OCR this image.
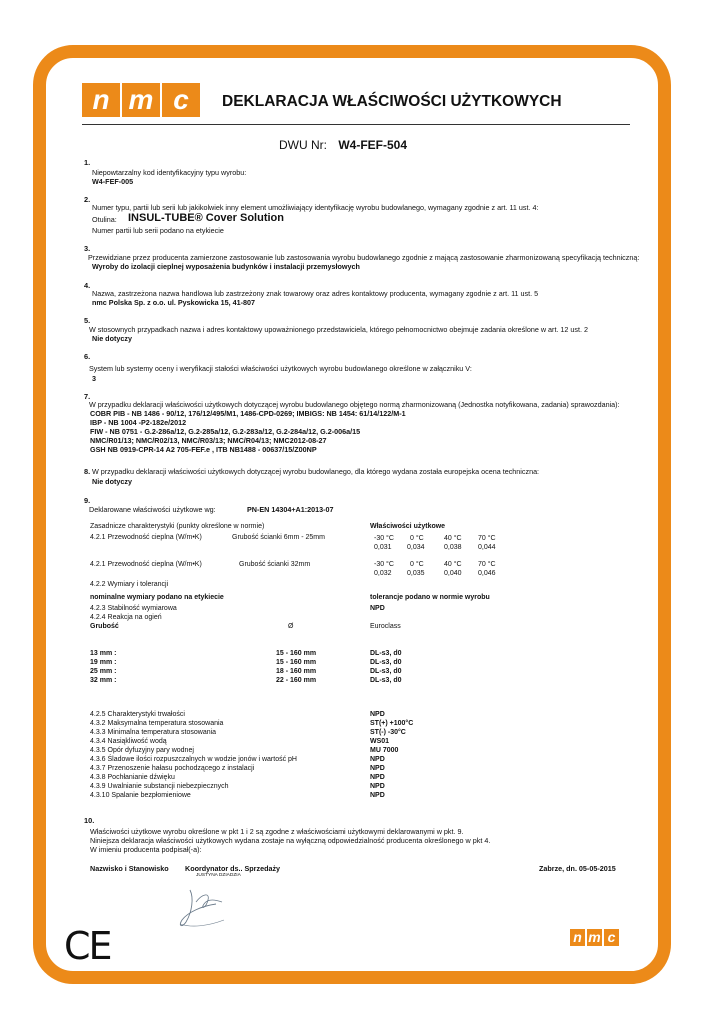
n m c	DEKLARACJA WŁAŚCIWOŚCI UŻYTKOWYCH
DWU Nr: W4-FEF-504
1.
Niepowtarzalny kod identyfikacyjny typu wyrobu:
W4-FEF-005
2.
Numer typu, partii lub serii lub jakikolwiek inny element umożliwiający identyfikację wyrobu budowlanego, wymagany zgodnie z art. 11 ust. 4:
Otulina: INSUL-TUBE® Cover Solution
Numer partii lub serii podano na etykiecie
3.
Przewidziane przez producenta zamierzone zastosowanie lub zastosowania wyrobu budowlanego zgodnie z mającą zastosowanie zharmonizowaną specyfikacją techniczną:
Wyroby do izolacji cieplnej wyposażenia budynków i instalacji przemysłowych
4.
Nazwa, zastrzeżona nazwa handlowa lub zastrzeżony znak towarowy oraz adres kontaktowy producenta, wymagany zgodnie z art. 11 ust. 5
nmc Polska Sp. z o.o. ul. Pyskowicka 15, 41-807
5.
W stosownych przypadkach nazwa i adres kontaktowy upoważnionego przedstawiciela, którego pełnomocnictwo obejmuje zadania określone w art. 12 ust. 2
Nie dotyczy
6.
System lub systemy oceny i weryfikacji stałości właściwości użytkowych wyrobu budowlanego określone w załączniku V:
3
7.
W przypadku deklaracji właściwości użytkowych dotyczącej wyrobu budowlanego objętego normą zharmonizowaną (Jednostka notyfikowana, zadania) sprawozdania):
COBR PIB - NB 1486 - 90/12, 176/12/495/M1, 1486-CPD-0269; IMBIGS: NB 1454: 61/14/122/M-1
IBP - NB 1004 -P2-182e/2012
FIW - NB 0751 - G.2-286a/12, G.2-285a/12, G.2-283a/12, G.2-284a/12, G.2-006a/15
NMC/R01/13; NMC/R02/13, NMC/R03/13; NMC/R04/13; NMC2012-08-27
GSH NB 0919-CPR-14 A2 705-FEF.e , ITB NB1488 - 00637/15/Z00NP
8. W przypadku deklaracji właściwości użytkowych dotyczącej wyrobu budowlanego, dla którego wydana została europejska ocena techniczna:
Nie dotyczy
9.
Deklarowane właściwości użytkowe wg:	PN-EN 14304+A1:2013-07
Zasadnicze charakterystyki (punkty określone w normie)	Właściwości użytkowe
4.2.1 Przewodność cieplna (W/m•K)	Grubość ścianki 6mm - 25mm	-30 °C 0 °C	40 °C 70 °C
0,031 0,034	0,038 0,044
4.2.1 Przewodność cieplna (W/m•K)	Grubość ścianki 32mm	-30 °C 0 °C	40 °C 70 °C
0,032 0,035	0,040 0,046
4.2.2 Wymiary i tolerancji
nominalne wymiary podano na etykiecie	tolerancje podano w normie wyrobu
4.2.3 Stabilność wymiarowa	NPD
4.2.4 Reakcja na ogień
Grubość	Ø	Euroclass
13 mm :	15 - 160 mm	DL-s3, d0
19 mm :	15 - 160 mm	DL-s3, d0
25 mm :	18 - 160 mm	DL-s3, d0
32 mm :	22 - 160 mm	DL-s3, d0
4.2.5 Charakterystyki trwałości	NPD
4.3.2 Maksymalna temperatura stosowania	ST(+) +100°C
4.3.3 Minimalna temperatura stosowania	ST(-) -30°C
4.3.4 Nasiąkliwość wodą	WS01
4.3.5 Opór dyfuzyjny pary wodnej	MU 7000
4.3.6 Śladowe ilości rozpuszczalnych w wodzie jonów i wartość pH	NPD
4.3.7 Przenoszenie hałasu pochodzącego z instalacji	NPD
4.3.8 Pochłanianie dźwięku	NPD
4.3.9 Uwalnianie substancji niebezpiecznych	NPD
4.3.10 Spalanie bezpłomieniowe	NPD
10.
Właściwości użytkowe wyrobu określone w pkt 1 i 2 są zgodne z właściwościami użytkowymi deklarowanymi w pkt. 9.
Niniejsza deklaracja właściwości użytkowych wydana zostaje na wyłączną odpowiedzialność producenta określonego w pkt 4.
W imieniu producenta podpisał(-a):
Nazwisko i Stanowisko Koordynator ds.. Sprzedaży
JUSTYNA DZIADZIA
Zabrze, dn. 05-05-2015
CE	n m c
